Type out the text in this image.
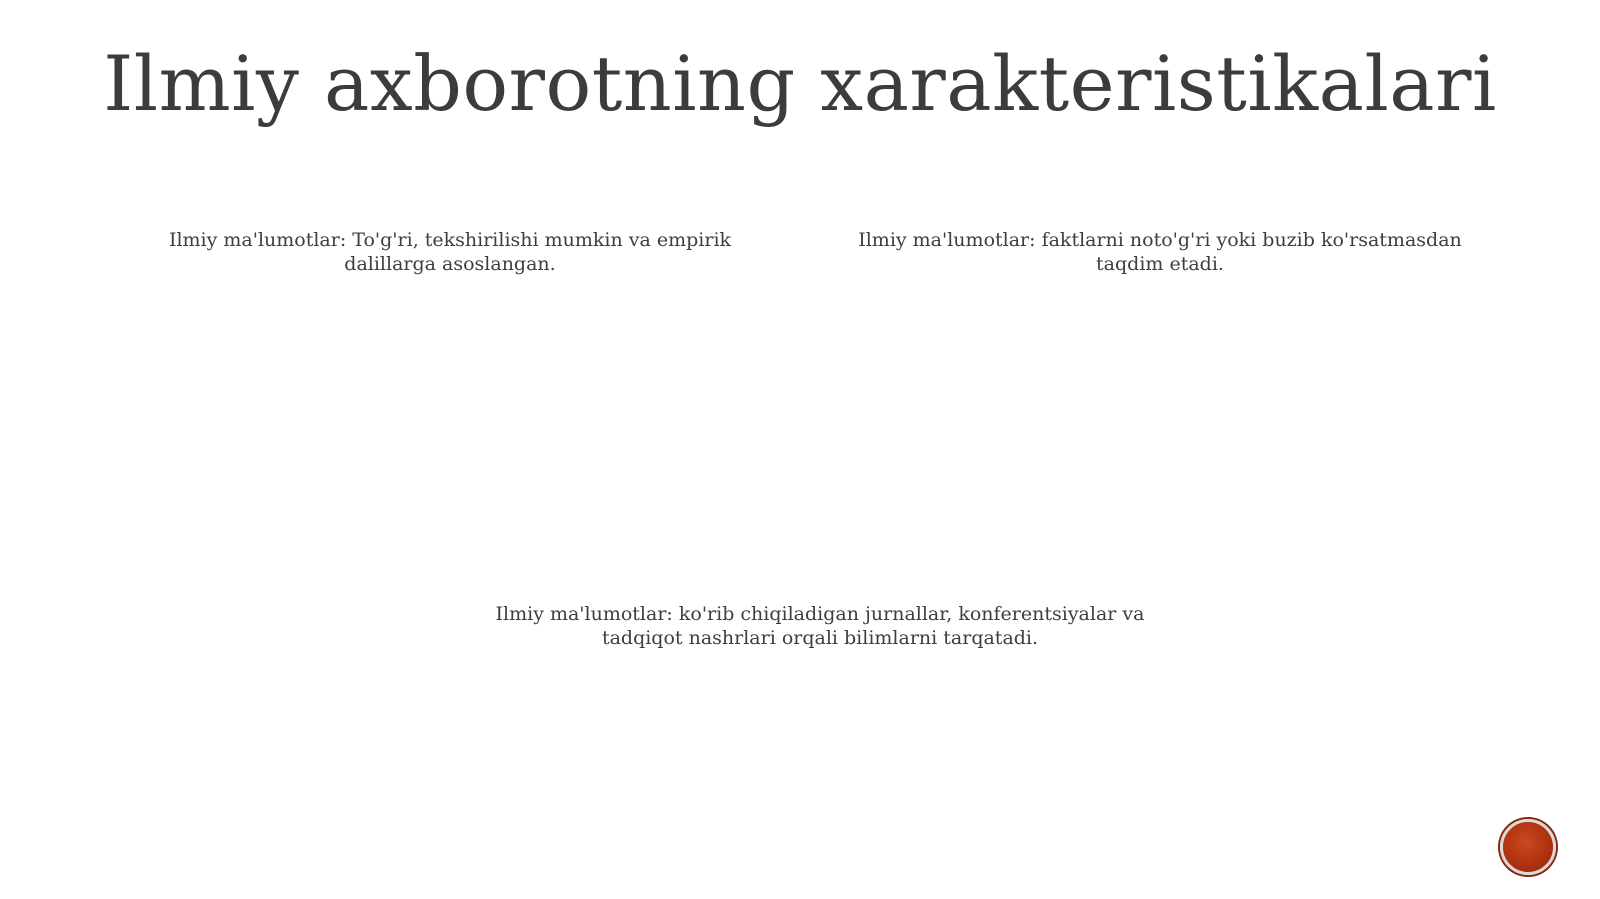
Ilmiy axborotning xarakteristikalari

Ilmiy ma'lumotlar: To'g'ri, tekshirilishi mumkin va empirik dalillarga asoslangan.

Ilmiy ma'lumotlar: faktlarni noto'g'ri yoki buzib ko'rsatmasdan taqdim etadi.

Ilmiy ma'lumotlar: ko'rib chiqiladigan jurnallar, konferentsiyalar va tadqiqot nashrlari orqali bilimlarni tarqatadi.
